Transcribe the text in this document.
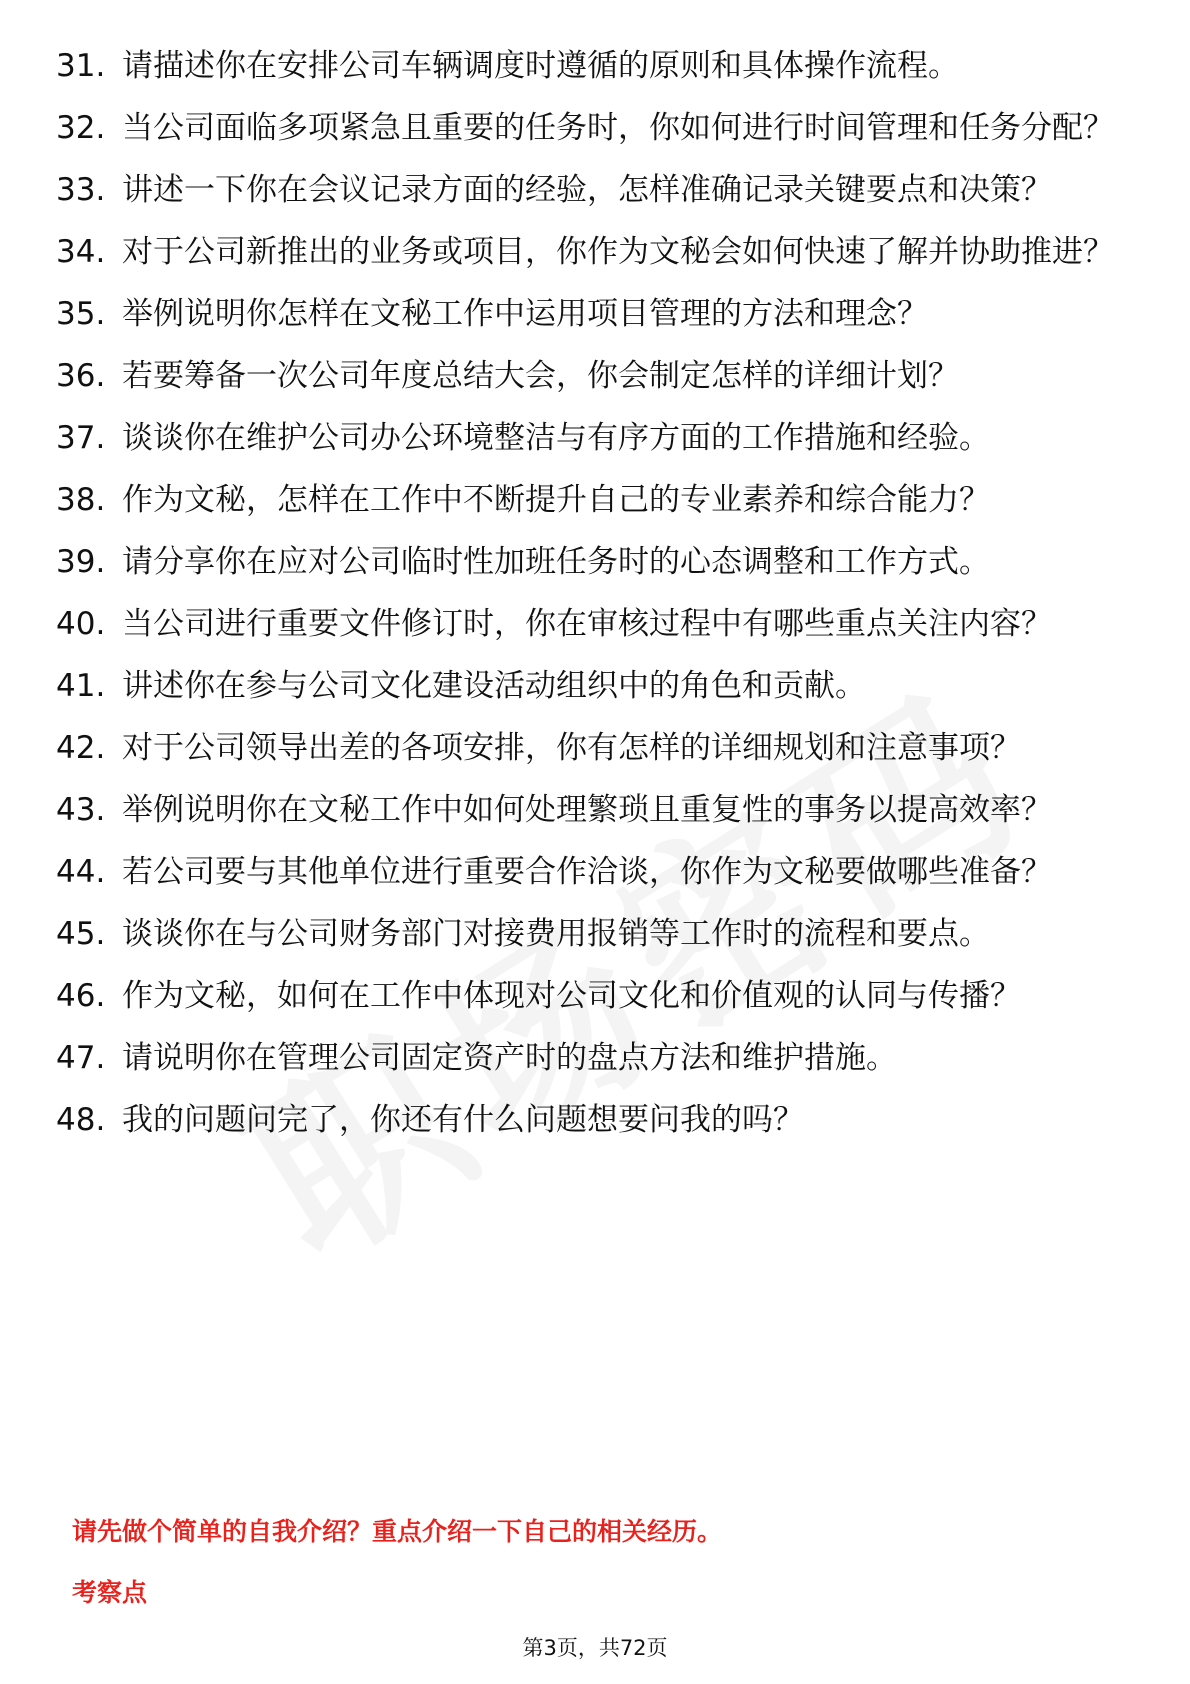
31. 请描述你在安排公司车辆调度时遵循的原则和具体操作流程。
32. 当公司面临多项紧急且重要的任务时，你如何进行时间管理和任务分配？
33. 讲述一下你在会议记录方面的经验，怎样准确记录关键要点和决策？
34. 对于公司新推出的业务或项目，你作为文秘会如何快速了解并协助推进？
35. 举例说明你怎样在文秘工作中运用项目管理的方法和理念？
36. 若要筹备一次公司年度总结大会，你会制定怎样的详细计划？
37. 谈谈你在维护公司办公环境整洁与有序方面的工作措施和经验。
38. 作为文秘，怎样在工作中不断提升自己的专业素养和综合能力？
39. 请分享你在应对公司临时性加班任务时的心态调整和工作方式。
40. 当公司进行重要文件修订时，你在审核过程中有哪些重点关注内容？
41. 讲述你在参与公司文化建设活动组织中的角色和贡献。
42. 对于公司领导出差的各项安排，你有怎样的详细规划和注意事项？
43. 举例说明你在文秘工作中如何处理繁琐且重复性的事务以提高效率？
44. 若公司要与其他单位进行重要合作洽谈，你作为文秘要做哪些准备？
45. 谈谈你在与公司财务部门对接费用报销等工作时的流程和要点。
46. 作为文秘，如何在工作中体现对公司文化和价值观的认同与传播？
47. 请说明你在管理公司固定资产时的盘点方法和维护措施。
48. 我的问题问完了，你还有什么问题想要问我的吗？
请先做个简单的自我介绍？重点介绍一下自己的相关经历。
考察点
第3页，共72页
